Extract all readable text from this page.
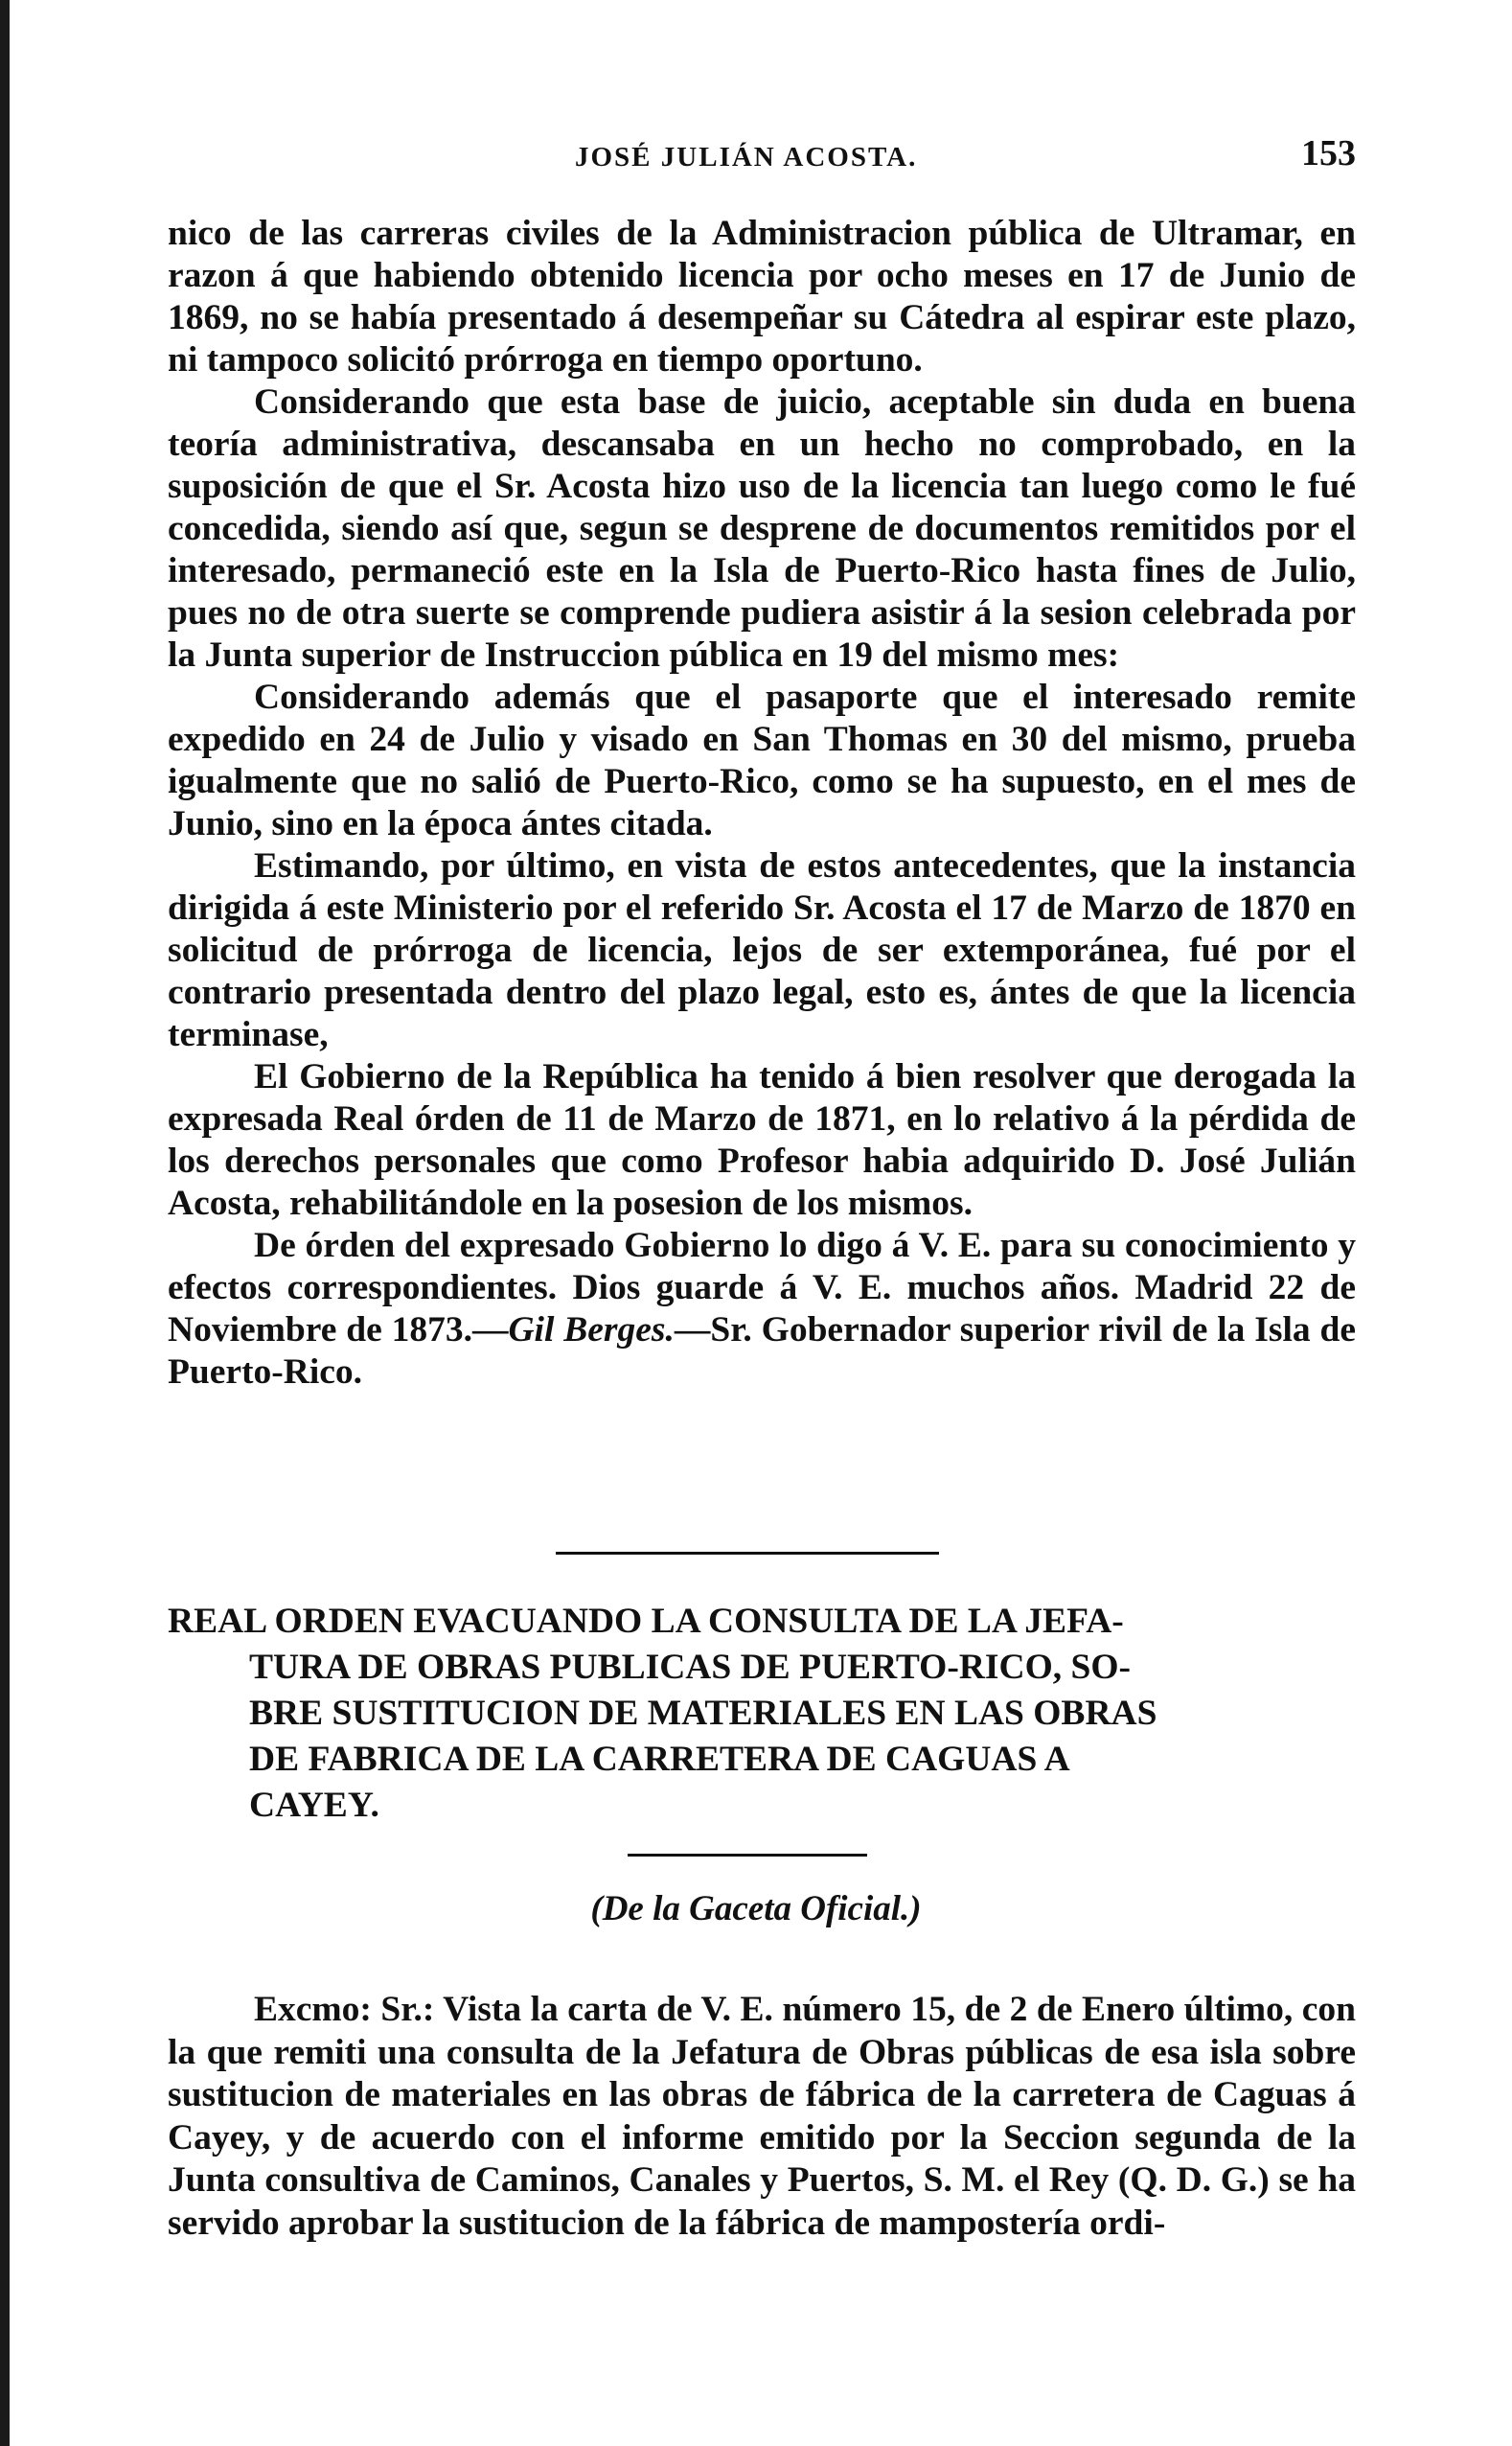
JOSÉ JULIÁN ACOSTA.	153

nico de las carreras civiles de la Administracion pública de Ultramar, en razon á que habiendo obtenido licencia por ocho meses en 17 de Junio de 1869, no se había presentado á desempeñar su Cátedra al espirar este plazo, ni tampoco solicitó prórroga en tiempo oportuno.

Considerando que esta base de juicio, aceptable sin duda en buena teoría administrativa, descansaba en un hecho no comprobado, en la suposición de que el Sr. Acosta hizo uso de la licencia tan luego como le fué concedida, siendo así que, segun se desprene de documentos remitidos por el interesado, permaneció este en la Isla de Puerto-Rico hasta fines de Julio, pues no de otra suerte se comprende pudiera asistir á la sesion celebrada por la Junta superior de Instruccion pública en 19 del mismo mes:

Considerando además que el pasaporte que el interesado remite expedido en 24 de Julio y visado en San Thomas en 30 del mismo, prueba igualmente que no salió de Puerto-Rico, como se ha supuesto, en el mes de Junio, sino en la época ántes citada.

Estimando, por último, en vista de estos antecedentes, que la instancia dirigida á este Ministerio por el referido Sr. Acosta el 17 de Marzo de 1870 en solicitud de prórroga de licencia, lejos de ser extemporánea, fué por el contrario presentada dentro del plazo legal, esto es, ántes de que la licencia terminase,

El Gobierno de la República ha tenido á bien resolver que derogada la expresada Real órden de 11 de Marzo de 1871, en lo relativo á la pérdida de los derechos personales que como Profesor habia adquirido D. José Julián Acosta, rehabilitándole en la posesion de los mismos.

De órden del expresado Gobierno lo digo á V. E. para su conocimiento y efectos correspondientes. Dios guarde á V. E. muchos años. Madrid 22 de Noviembre de 1873.—Gil Berges.—Sr. Gobernador superior rivil de la Isla de Puerto-Rico.

REAL ORDEN EVACUANDO LA CONSULTA DE LA JEFA-
TURA DE OBRAS PUBLICAS DE PUERTO-RICO, SO-
BRE SUSTITUCION DE MATERIALES EN LAS OBRAS
DE FABRICA DE LA CARRETERA DE CAGUAS A
CAYEY.
(De la Gaceta Oficial.)

Excmo: Sr.: Vista la carta de V. E. número 15, de 2 de Enero último, con la que remiti una consulta de la Jefatura de Obras públicas de esa isla sobre sustitucion de materiales en las obras de fábrica de la carretera de Caguas á Cayey, y de acuerdo con el informe emitido por la Seccion segunda de la Junta consultiva de Caminos, Canales y Puertos, S. M. el Rey (Q. D. G.) se ha servido aprobar la sustitucion de la fábrica de mampostería ordi-
